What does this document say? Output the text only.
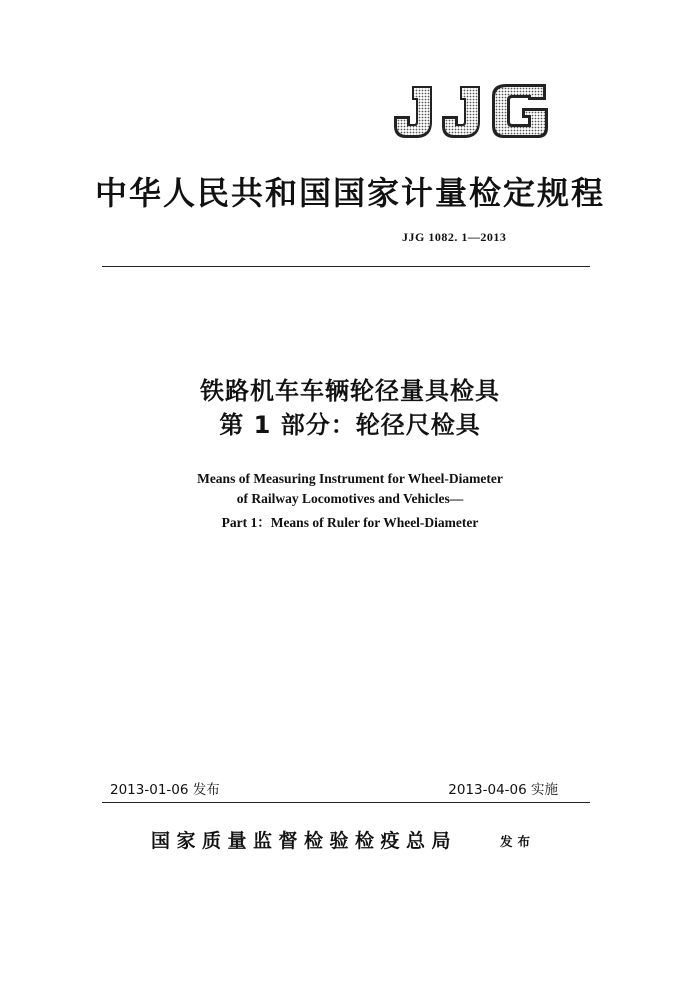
中华人民共和国国家计量检定规程
JJG 1082. 1—2013
铁路机车车辆轮径量具检具
第 1 部分：轮径尺检具
Means of Measuring Instrument for Wheel-Diameter
of Railway Locomotives and Vehicles—
Part 1：Means of Ruler for Wheel-Diameter
2013-01-06 发布	2013-04-06 实施
国家质量监督检验检疫总局	发布
